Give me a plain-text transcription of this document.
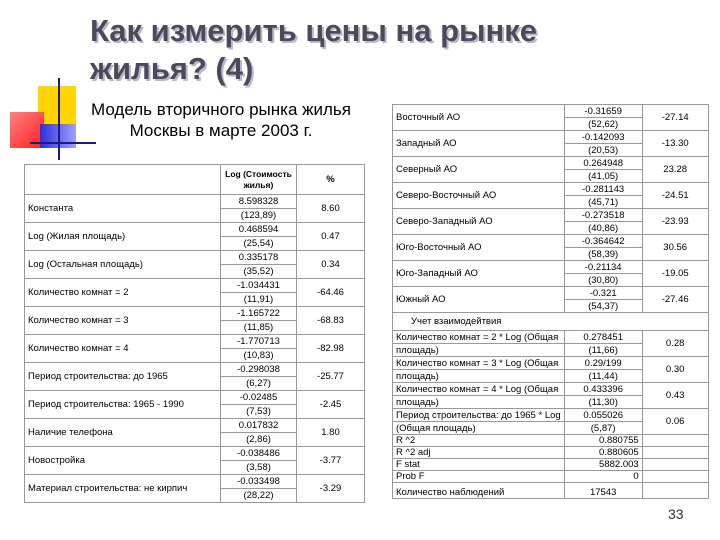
Как измерить цены на рынке
жилья? (4)
Модель вторичного рынка жилья
Москвы в марте 2003 г.
	Log (Стоимость жилья)	%
Константа	8.598328	8.60
	(123,89)	
Log (Жилая площадь)	0.468594	0.47
	(25,54)	
Log (Остальная площадь)	0.335178	0.34
	(35,52)	
Количество комнат = 2	-1.034431	-64.46
	(11,91)	
Количество комнат = 3	-1.165722	-68.83
	(11,85)	
Количество комнат = 4	-1.770713	-82.98
	(10,83)	
Период строительства: до 1965	-0.298038	-25.77
	(6,27)	
Период строительства: 1965 - 1990	-0.02485	-2.45
	(7,53)	
Наличие телефона	0.017832	1.80
	(2,86)	
Новостройка	-0.038486	-3.77
	(3,58)	
Материал строительства: не кирпич	-0.033498	-3.29
	(28,22)	
Восточный АО	-0.31659	-27.14
	(52,62)	
Западный АО	-0.142093	-13.30
	(20,53)	
Северный АО	0.264948	23.28
	(41,05)	
Северо-Восточный АО	-0.281143	-24.51
	(45,71)	
Северо-Западный АО	-0.273518	-23.93
	(40,86)	
Юго-Восточный АО	-0.364642	30.56
	(58,39)	
Юго-Западный АО	-0.21134	-19.05
	(30,80)	
Южный АО	-0.321	-27.46
	(54,37)	
Учет взаимодейтвия		
Количество комнат = 2 * Log (Общая	0.278451	0.28
площадь)	(11,66)	
Количество комнат = 3 * Log (Общая	0.29/199	0.30
площадь)	(11,44)	
Количество комнат = 4 * Log (Общая	0.433396	0.43
площадь)	(11,30)	
Период строительства: до 1965 * Log	0.055026	0.06
(Общая площадь)	(5,87)	
R ^2	0.880755	
R ^2 adj	0.880605	
F stat	5882.003	
Prob F	0	
Количество наблюдений	17543	
33
